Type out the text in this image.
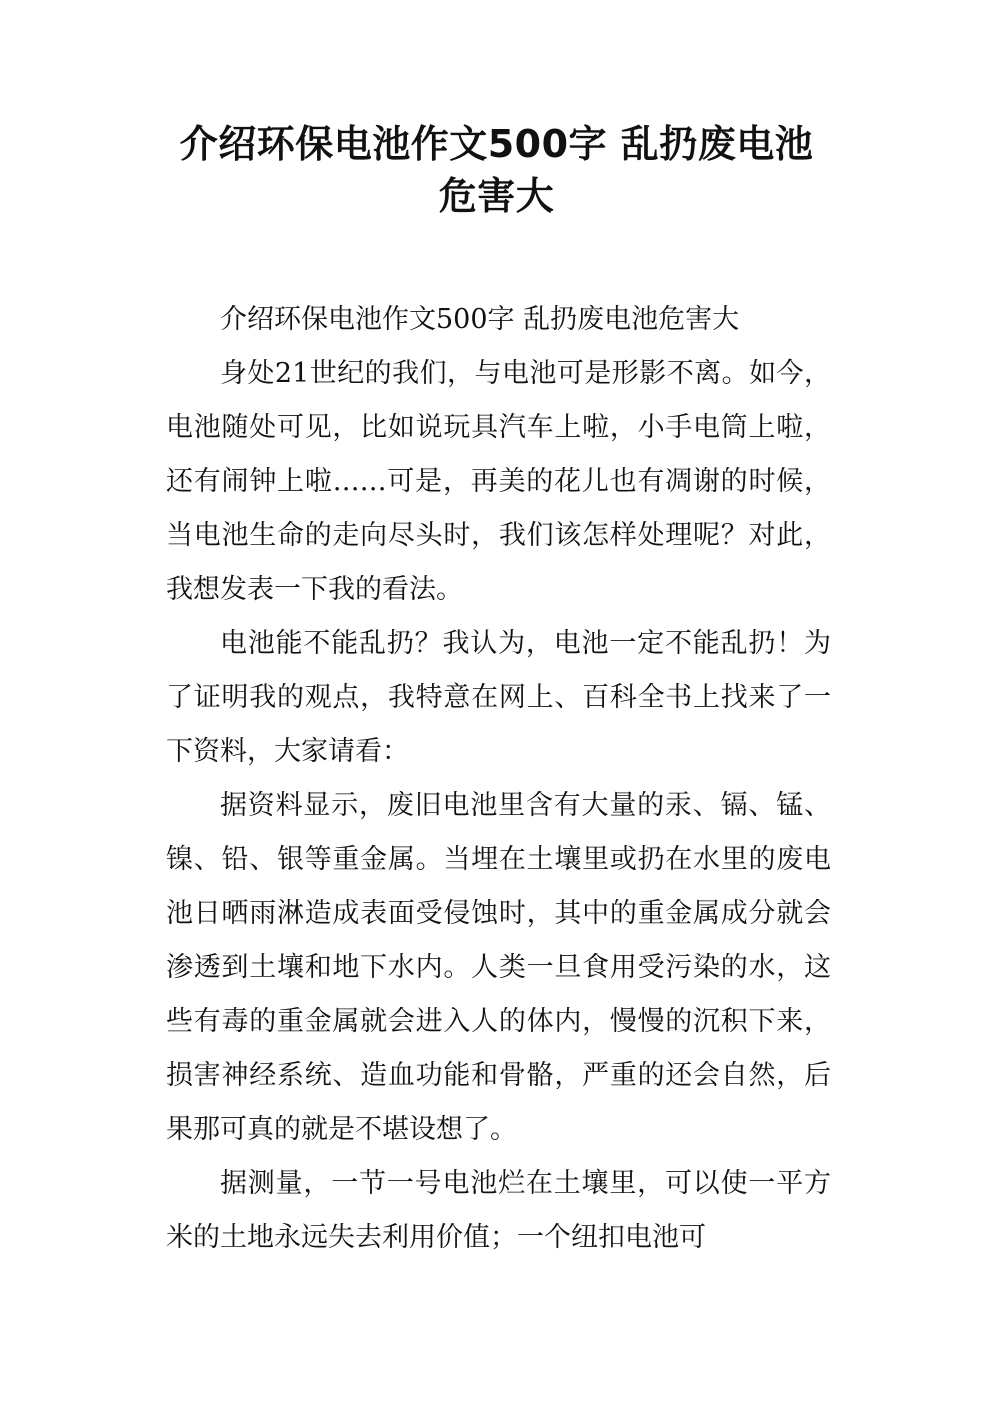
介绍环保电池作文500字 乱扔废电池
危害大

介绍环保电池作文500字 乱扔废电池危害大

身处21世纪的我们，与电池可是形影不离。如今，电池随处可见，比如说玩具汽车上啦，小手电筒上啦，还有闹钟上啦……可是，再美的花儿也有凋谢的时候，当电池生命的走向尽头时，我们该怎样处理呢？对此，我想发表一下我的看法。

电池能不能乱扔？我认为，电池一定不能乱扔！为了证明我的观点，我特意在网上、百科全书上找来了一下资料，大家请看：

据资料显示，废旧电池里含有大量的汞、镉、锰、镍、铅、银等重金属。当埋在土壤里或扔在水里的废电池日晒雨淋造成表面受侵蚀时，其中的重金属成分就会渗透到土壤和地下水内。人类一旦食用受污染的水，这些有毒的重金属就会进入人的体内，慢慢的沉积下来，损害神经系统、造血功能和骨骼，严重的还会自然，后果那可真的就是不堪设想了。

据测量，一节一号电池烂在土壤里，可以使一平方米的土地永远失去利用价值；一个纽扣电池可
